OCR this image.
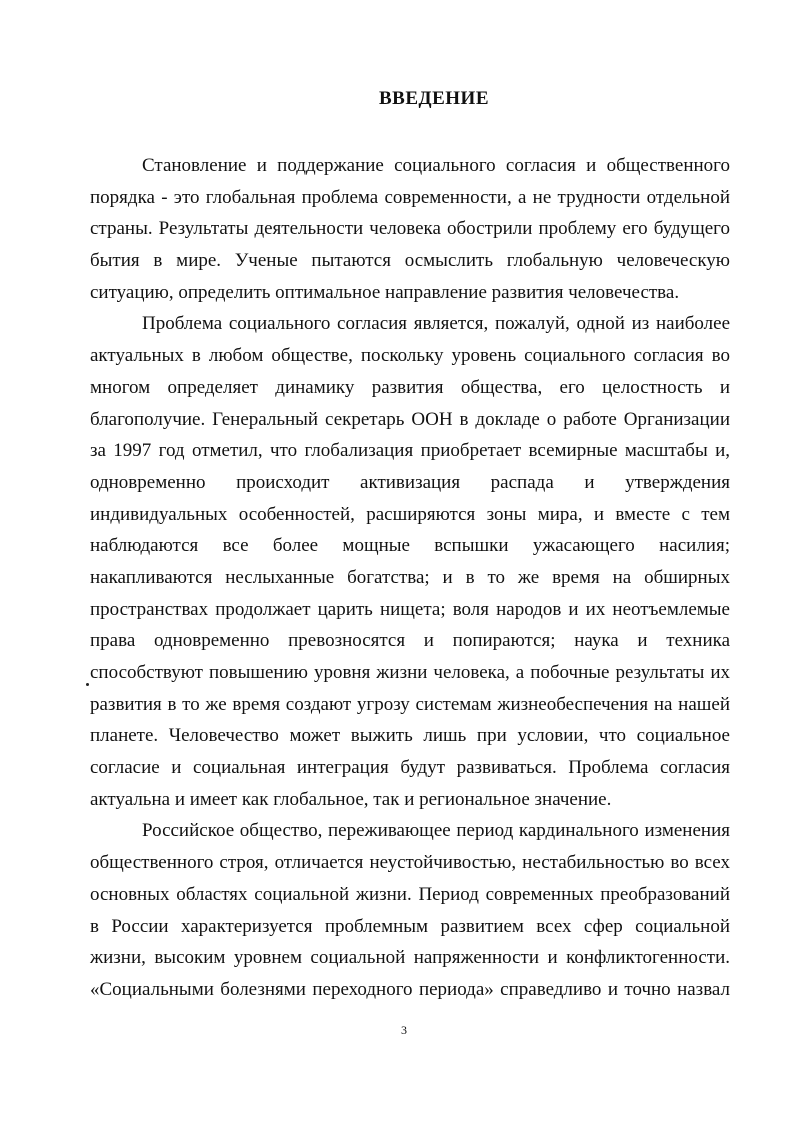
ВВЕДЕНИЕ
Становление и поддержание социального согласия и общественного
порядка - это глобальная проблема современности, а не трудности отдельной
страны. Результаты деятельности человека обострили проблему его будущего
бытия в мире. Ученые пытаются осмыслить глобальную человеческую
ситуацию, определить оптимальное направление развития человечества.
Проблема социального согласия является, пожалуй, одной из наиболее
актуальных в любом обществе, поскольку уровень социального согласия во
многом определяет динамику развития общества, его целостность и
благополучие. Генеральный секретарь ООН в докладе о работе Организации
за 1997 год отметил, что глобализация приобретает всемирные масштабы и,
одновременно происходит активизация распада и утверждения
индивидуальных особенностей, расширяются зоны мира, и вместе с тем
наблюдаются все более мощные вспышки ужасающего насилия;
накапливаются неслыханные богатства; и в то же время на обширных
пространствах продолжает царить нищета; воля народов и их неотъемлемые
права одновременно превозносятся и попираются; наука и техника
способствуют повышению уровня жизни человека, а побочные результаты их
развития в то же время создают угрозу системам жизнеобеспечения на нашей
планете. Человечество может выжить лишь при условии, что социальное
согласие и социальная интеграция будут развиваться. Проблема согласия
актуальна и имеет как глобальное, так и региональное значение.
Российское общество, переживающее период кардинального изменения
общественного строя, отличается неустойчивостью, нестабильностью во всех
основных областях социальной жизни. Период современных преобразований
в России характеризуется проблемным развитием всех сфер социальной
жизни, высоким уровнем социальной напряженности и конфликтогенности.
«Социальными болезнями переходного периода» справедливо и точно назвал
3
